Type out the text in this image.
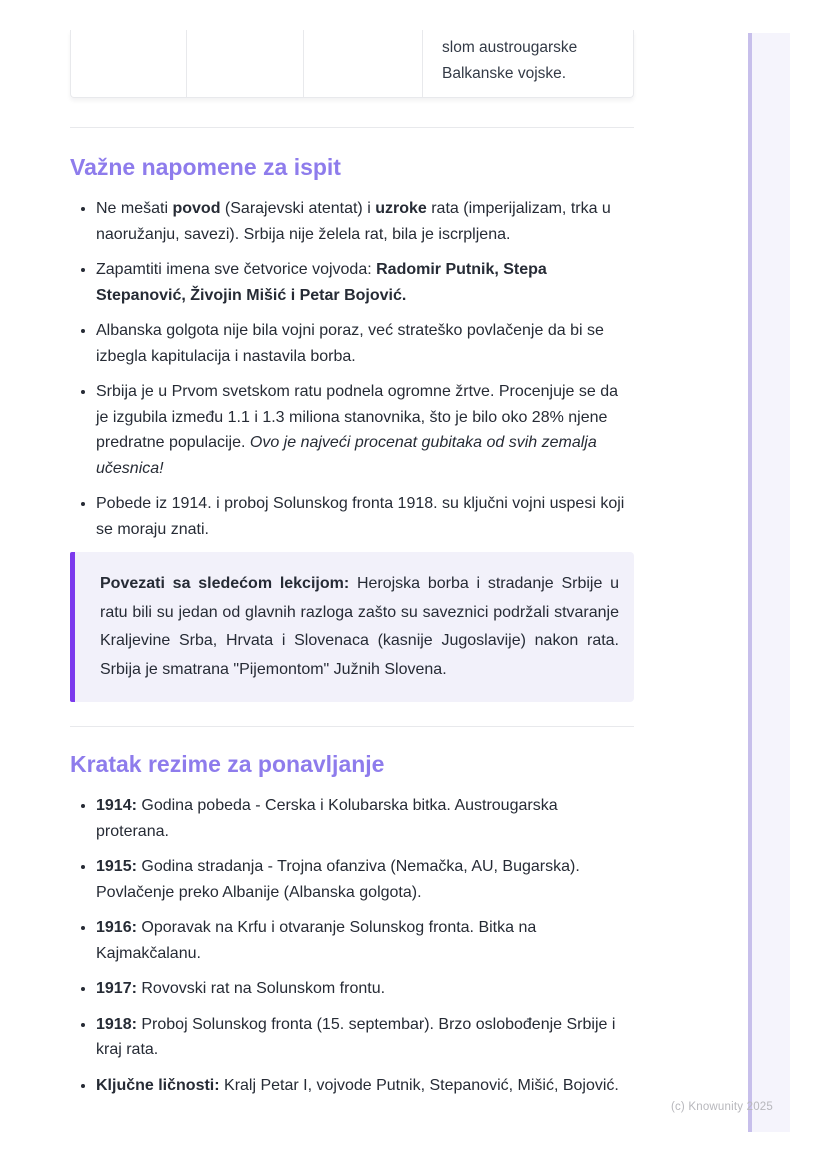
slom austrougarske
Balkanske vojske.
Važne napomene za ispit
• Ne mešati povod (Sarajevski atentat) i uzroke rata (imperijalizam, trka u naoružanju, savezi). Srbija nije želela rat, bila je iscrpljena.
• Zapamtiti imena sve četvorice vojvoda: Radomir Putnik, Stepa Stepanović, Živojin Mišić i Petar Bojović.
• Albanska golgota nije bila vojni poraz, već strateško povlačenje da bi se izbegla kapitulacija i nastavila borba.
• Srbija je u Prvom svetskom ratu podnela ogromne žrtve. Procenjuje se da je izgubila između 1.1 i 1.3 miliona stanovnika, što je bilo oko 28% njene predratne populacije. Ovo je najveći procenat gubitaka od svih zemalja učesnica!
• Pobede iz 1914. i proboj Solunskog fronta 1918. su ključni vojni uspesi koji se moraju znati.

Povezati sa sledećom lekcijom: Herojska borba i stradanje Srbije u ratu bili su jedan od glavnih razloga zašto su saveznici podržali stvaranje Kraljevine Srba, Hrvata i Slovenaca (kasnije Jugoslavije) nakon rata. Srbija je smatrana "Pijemontom" Južnih Slovena.

Kratak rezime za ponavljanje
• 1914: Godina pobeda - Cerska i Kolubarska bitka. Austrougarska proterana.
• 1915: Godina stradanja - Trojna ofanziva (Nemačka, AU, Bugarska). Povlačenje preko Albanije (Albanska golgota).
• 1916: Oporavak na Krfu i otvaranje Solunskog fronta. Bitka na Kajmakčalanu.
• 1917: Rovovski rat na Solunskom frontu.
• 1918: Proboj Solunskog fronta (15. septembar). Brzo oslobođenje Srbije i kraj rata.
• Ključne ličnosti: Kralj Petar I, vojvode Putnik, Stepanović, Mišić, Bojović.
(c) Knowunity 2025
